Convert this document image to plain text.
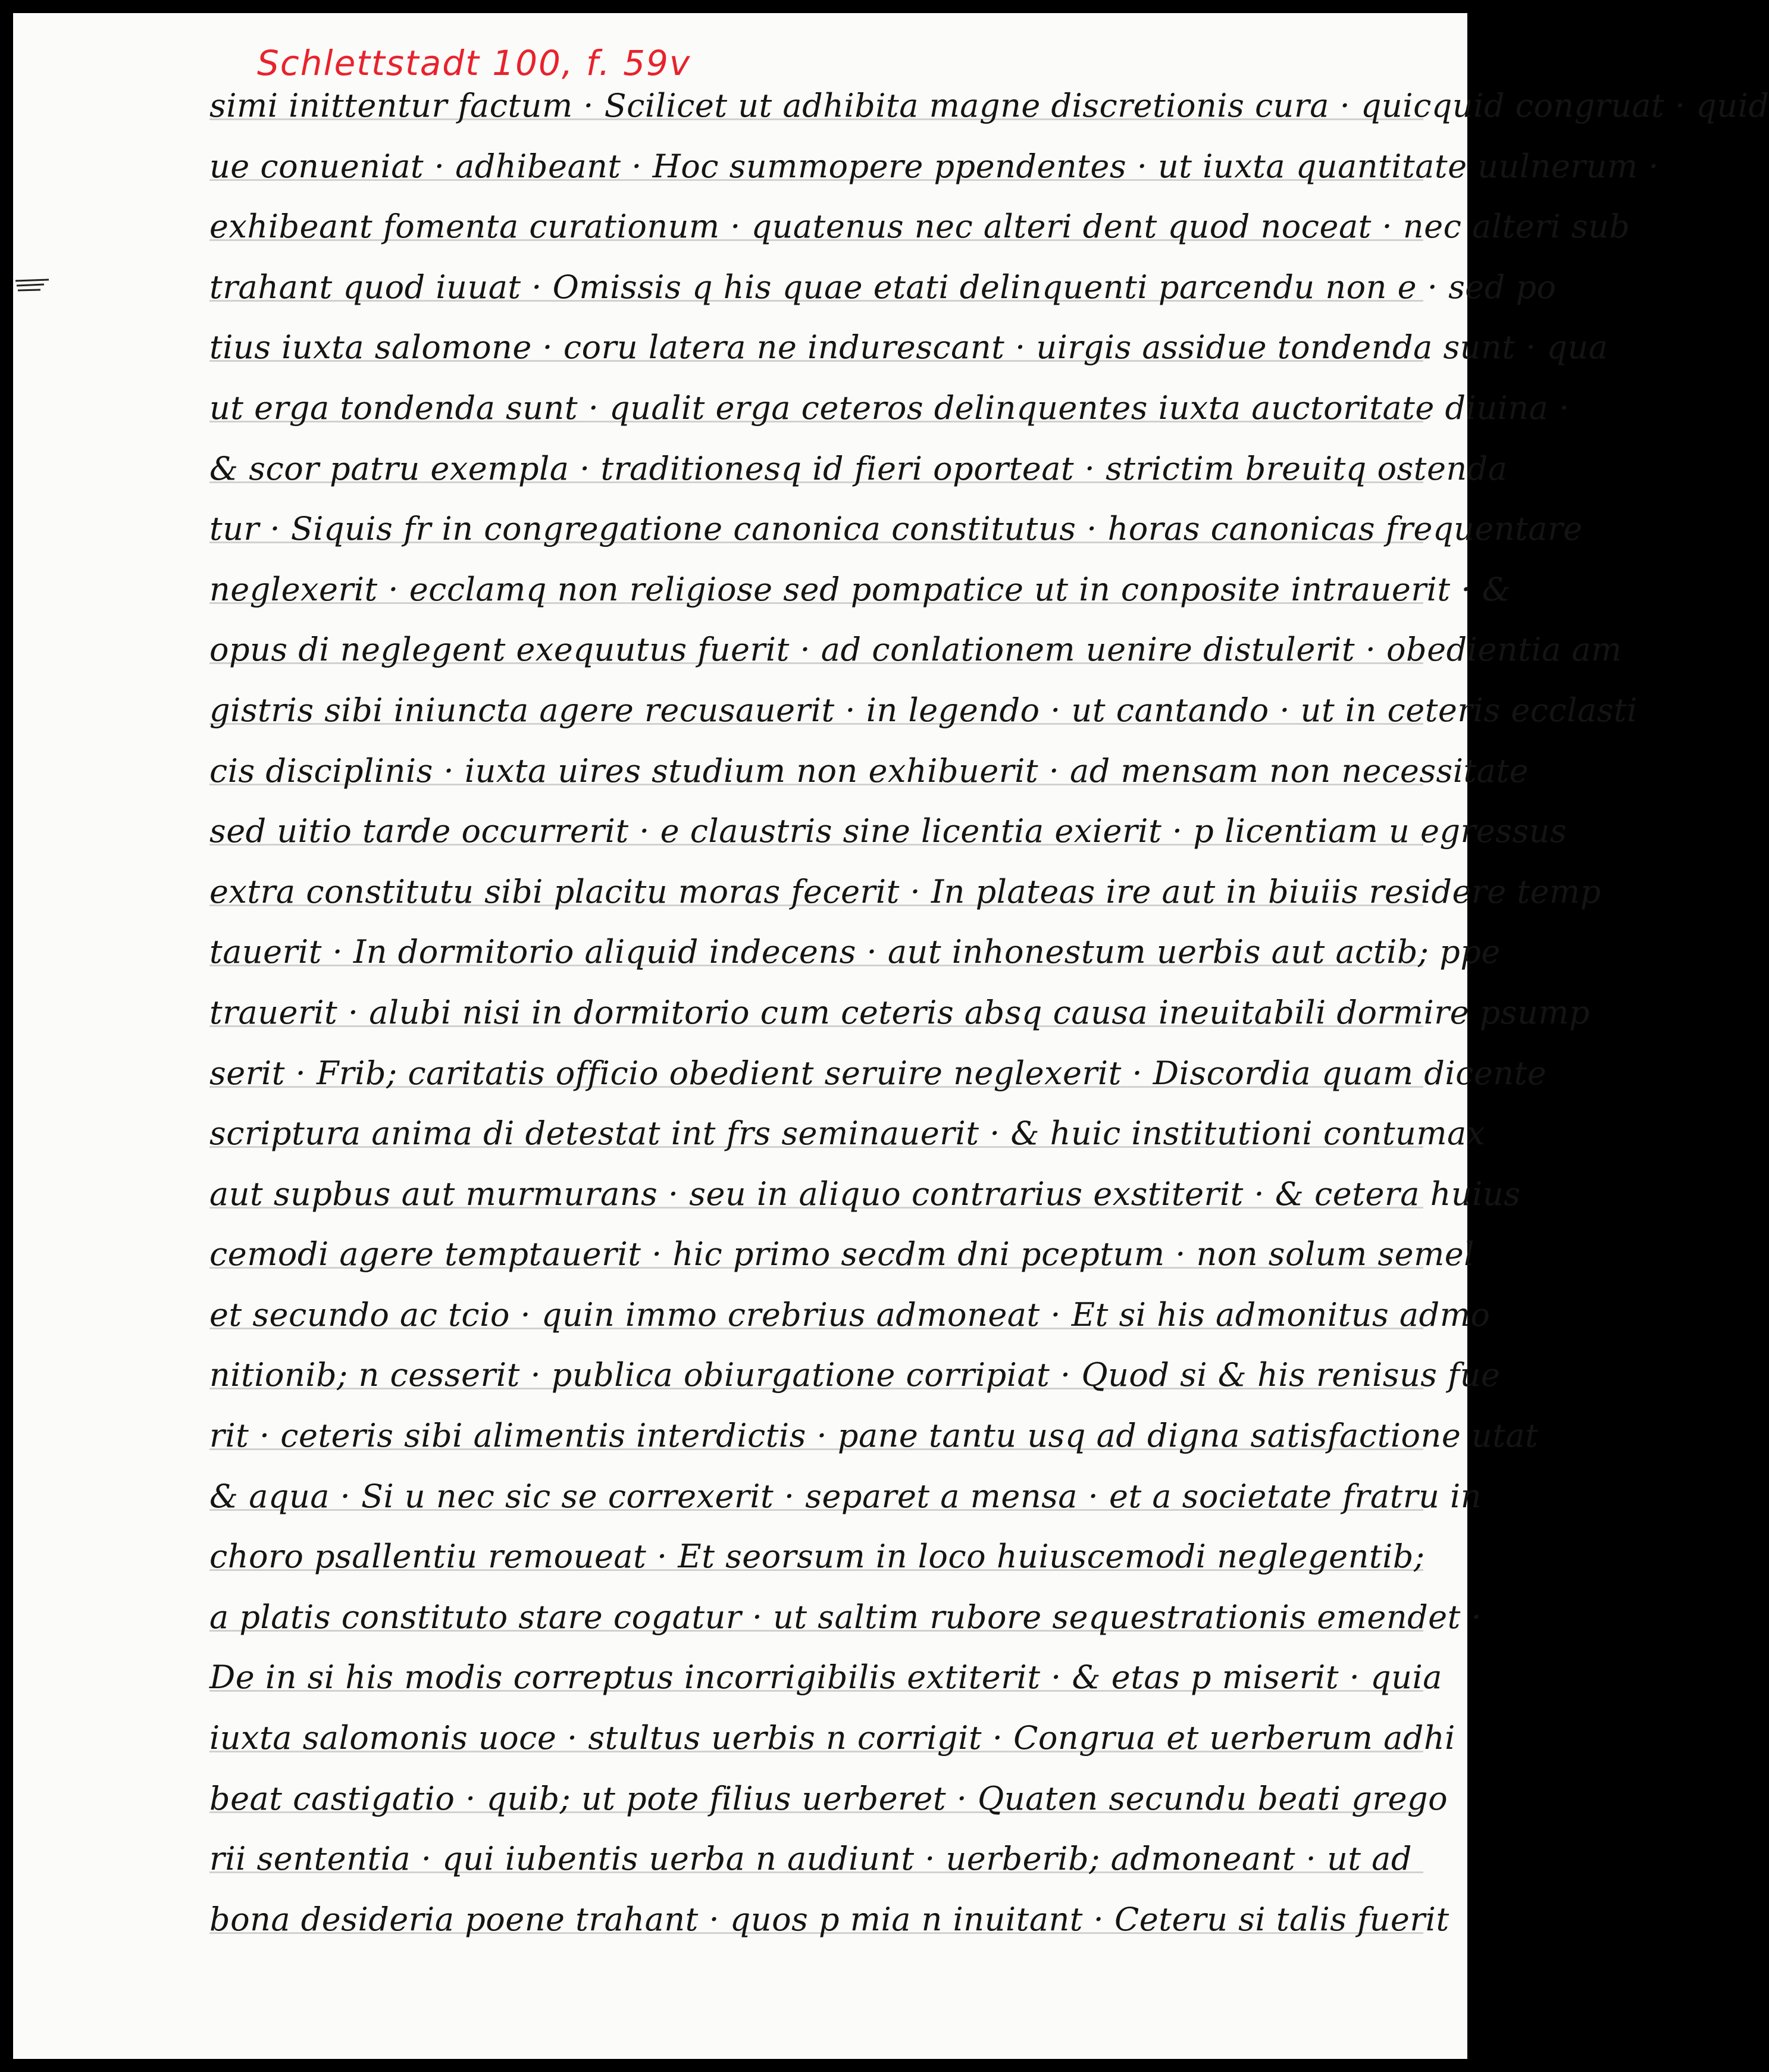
Schlettstadt 100, f. 59v
simi inittentur factum · Scilicet ut adhibita magne discretionis cura · quicquid congruat · quid
ue conueniat · adhibeant · Hoc summopere ppendentes · ut iuxta quantitate uulnerum ·
exhibeant fomenta curationum · quatenus nec alteri dent quod noceat · nec alteri sub
trahant quod iuuat · Omissis q his quae etati delinquenti parcendu non e · sed po
tius iuxta salomone · coru latera ne indurescant · uirgis assidue tondenda sunt · qua
ut erga tondenda sunt · qualit erga ceteros delinquentes iuxta auctoritate diuina ·
& scor patru exempla · traditionesq id fieri oporteat · strictim breuitq ostenda
tur · Siquis fr in congregatione canonica constitutus · horas canonicas frequentare
neglexerit · ecclamq non religiose sed pompatice ut in conposite intrauerit · &
opus di neglegent exequutus fuerit · ad conlationem uenire distulerit · obedientia am
gistris sibi iniuncta agere recusauerit · in legendo · ut cantando · ut in ceteris ecclasti
cis disciplinis · iuxta uires studium non exhibuerit · ad mensam non necessitate
sed uitio tarde occurrerit · e claustris sine licentia exierit · p licentiam u egressus
extra constitutu sibi placitu moras fecerit · In plateas ire aut in biuiis residere temp
tauerit · In dormitorio aliquid indecens · aut inhonestum uerbis aut actib; ppe
trauerit · alubi nisi in dormitorio cum ceteris absq causa ineuitabili dormire psump
serit · Frib; caritatis officio obedient seruire neglexerit · Discordia quam dicente
scriptura anima di detestat int frs seminauerit · & huic institutioni contumax
aut supbus aut murmurans · seu in aliquo contrarius exstiterit · & cetera huius
cemodi agere temptauerit · hic primo secdm dni pceptum · non solum semel
et secundo ac tcio · quin immo crebrius admoneat · Et si his admonitus admo
nitionib; n cesserit · publica obiurgatione corripiat · Quod si & his renisus fue
rit · ceteris sibi alimentis interdictis · pane tantu usq ad digna satisfactione utat
& aqua · Si u nec sic se correxerit · separet a mensa · et a societate fratru in
choro psallentiu remoueat · Et seorsum in loco huiuscemodi neglegentib;
a platis constituto stare cogatur · ut saltim rubore sequestrationis emendet ·
De in si his modis correptus incorrigibilis extiterit · & etas p miserit · quia
iuxta salomonis uoce · stultus uerbis n corrigit · Congrua et uerberum adhi
beat castigatio · quib; ut pote filius uerberet · Quaten secundu beati grego
rii sententia · qui iubentis uerba n audiunt · uerberib; admoneant · ut ad
bona desideria poene trahant · quos p mia n inuitant · Ceteru si talis fuerit
